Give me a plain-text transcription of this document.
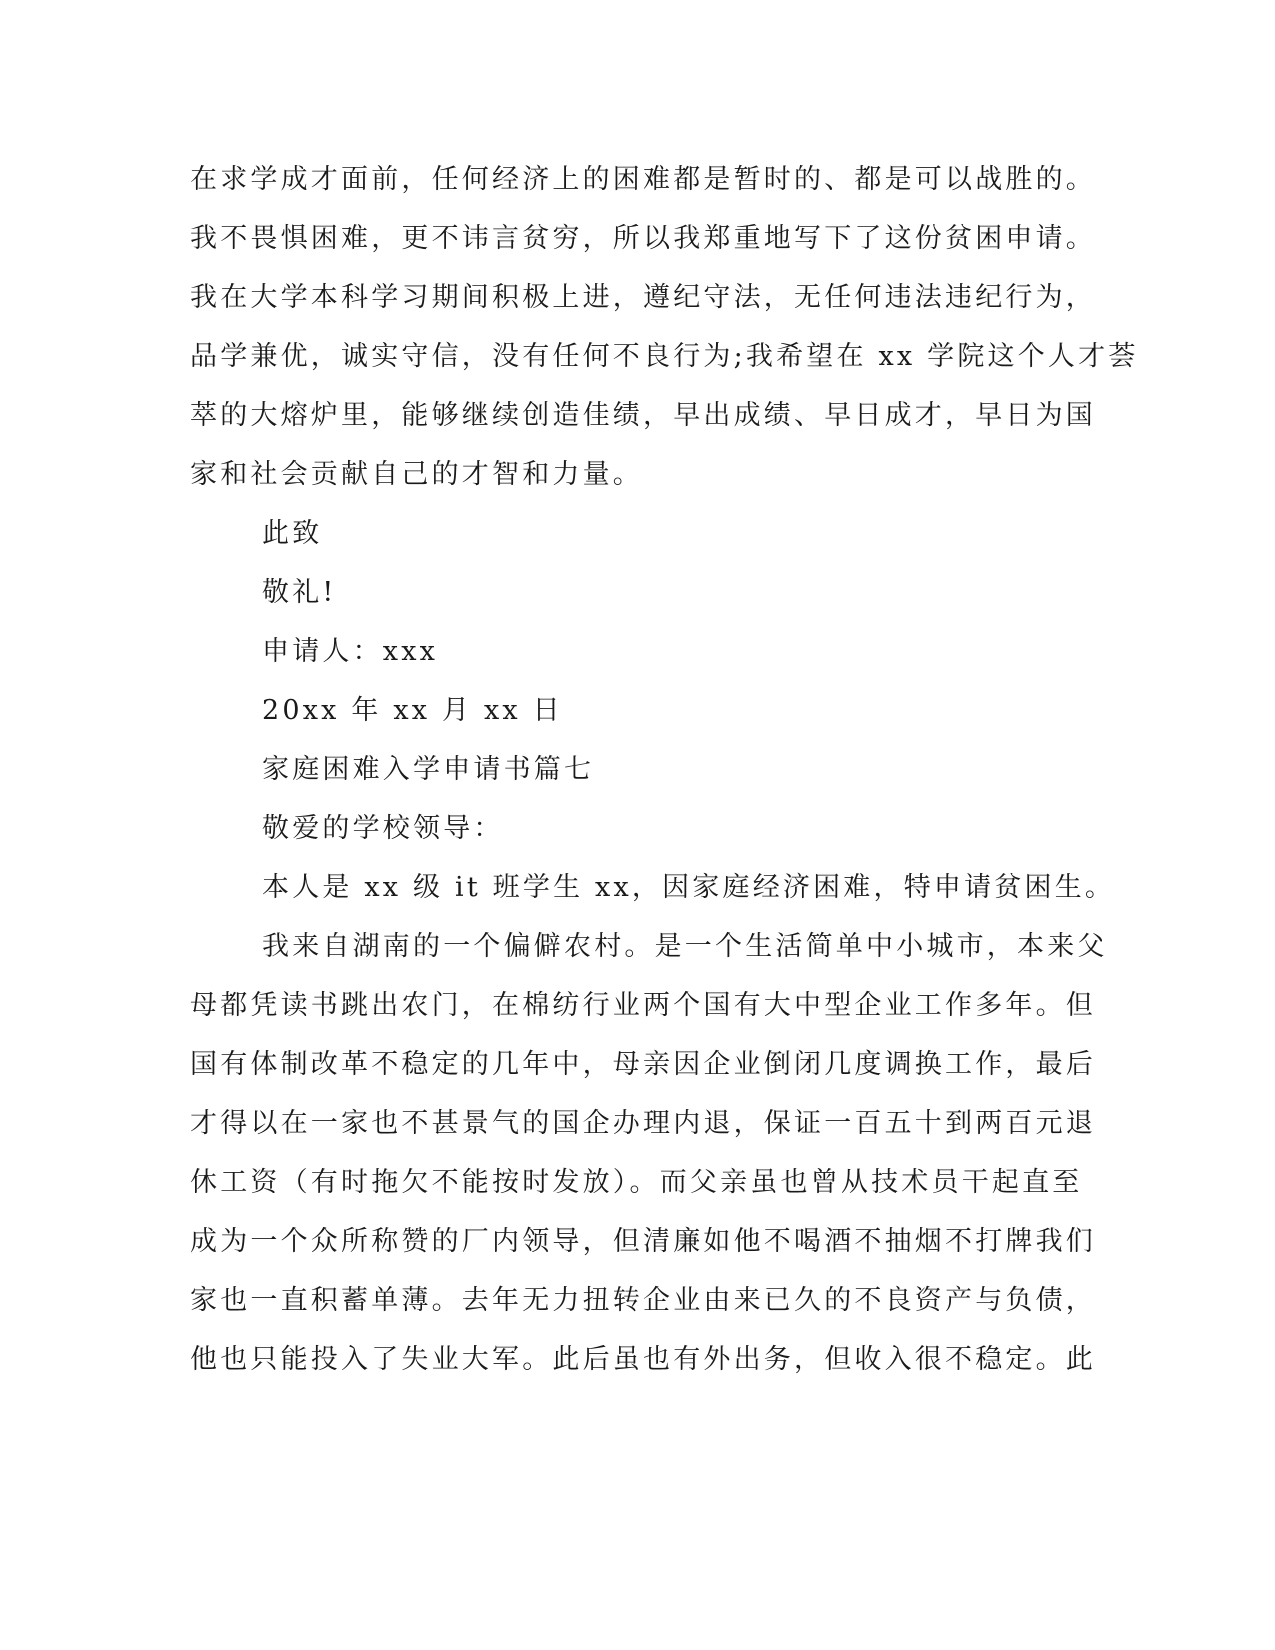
在求学成才面前，任何经济上的困难都是暂时的、都是可以战胜的。
我不畏惧困难，更不讳言贫穷，所以我郑重地写下了这份贫困申请。
我在大学本科学习期间积极上进，遵纪守法，无任何违法违纪行为，
品学兼优，诚实守信，没有任何不良行为;我希望在 xx 学院这个人才荟
萃的大熔炉里，能够继续创造佳绩，早出成绩、早日成才，早日为国
家和社会贡献自己的才智和力量。
此致
敬礼!
申请人：xxx
20xx 年 xx 月 xx 日
家庭困难入学申请书篇七
敬爱的学校领导：
本人是 xx 级 it 班学生 xx，因家庭经济困难，特申请贫困生。
我来自湖南的一个偏僻农村。是一个生活简单中小城市，本来父
母都凭读书跳出农门，在棉纺行业两个国有大中型企业工作多年。但
国有体制改革不稳定的几年中，母亲因企业倒闭几度调换工作，最后
才得以在一家也不甚景气的国企办理内退，保证一百五十到两百元退
休工资（有时拖欠不能按时发放）。而父亲虽也曾从技术员干起直至
成为一个众所称赞的厂内领导，但清廉如他不喝酒不抽烟不打牌我们
家也一直积蓄单薄。去年无力扭转企业由来已久的不良资产与负债，
他也只能投入了失业大军。此后虽也有外出务，但收入很不稳定。此
